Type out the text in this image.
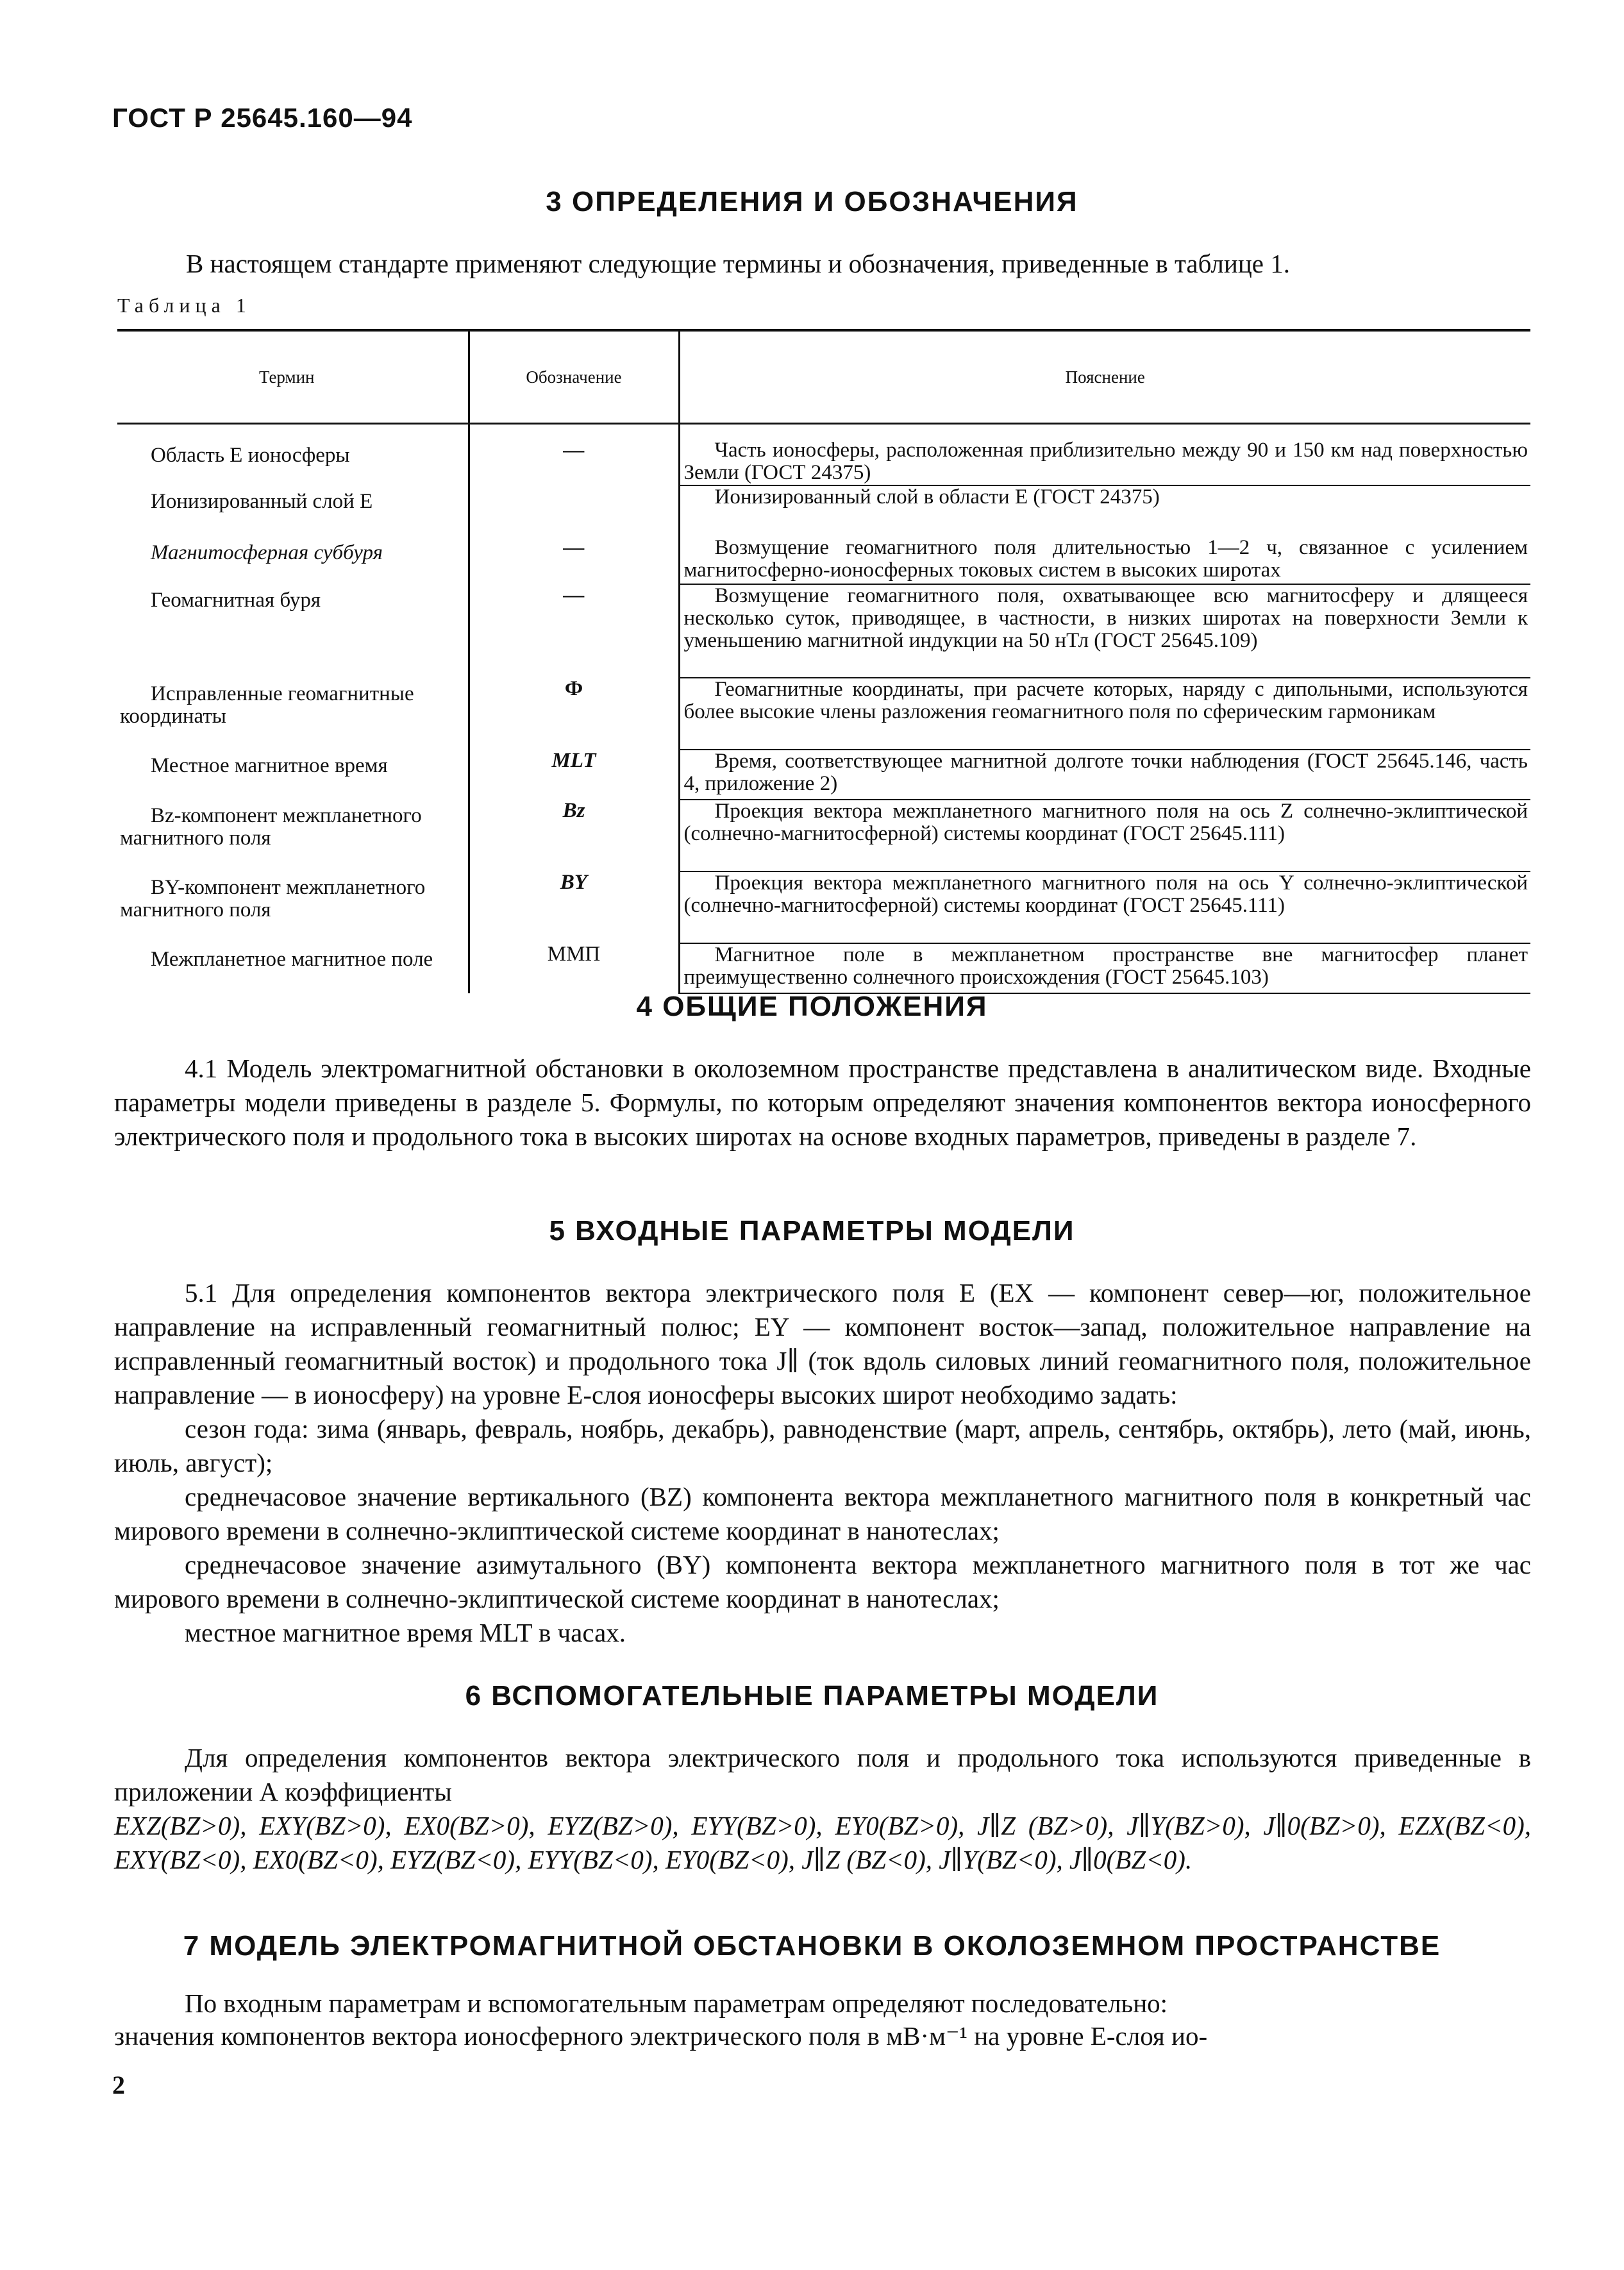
ГОСТ Р 25645.160—94
3 ОПРЕДЕЛЕНИЯ И ОБОЗНАЧЕНИЯ
В настоящем стандарте применяют следующие термины и обозначения, приведенные в таблице 1.
Таблица 1
Термин	Обозначение	Пояснение

Область E ионосферы	—	Часть ионосферы, расположенная приблизительно между 90 и 150 км над поверхностью Земли (ГОСТ 24375)
Ионизированный слой E		Ионизированный слой в области E (ГОСТ 24375)
Магнитосферная суббуря	—	Возмущение геомагнитного поля длительностью 1—2 ч, связанное с усилением магнитосферно-ионосферных токовых систем в высоких широтах
Геомагнитная буря	—	Возмущение геомагнитного поля, охватывающее всю магнитосферу и длящееся несколько суток, приводящее, в частности, в низких широтах на поверхности Земли к уменьшению магнитной индукции на 50 нТл (ГОСТ 25645.109)
Исправленные геомагнитные координаты	Ф	Геомагнитные координаты, при расчете которых, наряду с дипольными, используются более высокие члены разложения геомагнитного поля по сферическим гармоникам
Местное магнитное время	MLT	Время, соответствующее магнитной долготе точки наблюдения (ГОСТ 25645.146, часть 4, приложение 2)
Bz-компонент межпланетного магнитного поля	Bz	Проекция вектора межпланетного магнитного поля на ось Z солнечно-эклиптической (солнечно-магнитосферной) системы координат (ГОСТ 25645.111)
BY-компонент межпланетного магнитного поля	BY	Проекция вектора межпланетного магнитного поля на ось Y солнечно-эклиптической (солнечно-магнитосферной) системы координат (ГОСТ 25645.111)
Межпланетное магнитное поле	ММП	Магнитное поле в межпланетном пространстве вне магнитосфер планет преимущественно солнечного происхождения (ГОСТ 25645.103)
4 ОБЩИЕ ПОЛОЖЕНИЯ
4.1 Модель электромагнитной обстановки в околоземном пространстве представлена в аналитическом виде. Входные параметры модели приведены в разделе 5. Формулы, по которым определяют значения компонентов вектора ионосферного электрического поля и продольного тока в высоких широтах на основе входных параметров, приведены в разделе 7.
5 ВХОДНЫЕ ПАРАМЕТРЫ МОДЕЛИ
5.1 Для определения компонентов вектора электрического поля E (EX — компонент север—юг, положительное направление на исправленный геомагнитный полюс; EY — компонент восток—запад, положительное направление на исправленный геомагнитный восток) и продольного тока J∥ (ток вдоль силовых линий геомагнитного поля, положительное направление — в ионосферу) на уровне E-слоя ионосферы высоких широт необходимо задать:
сезон года: зима (январь, февраль, ноябрь, декабрь), равноденствие (март, апрель, сентябрь, октябрь), лето (май, июнь, июль, август);
среднечасовое значение вертикального (BZ) компонента вектора межпланетного магнитного поля в конкретный час мирового времени в солнечно-эклиптической системе координат в нанотеслах;
среднечасовое значение азимутального (BY) компонента вектора межпланетного магнитного поля в тот же час мирового времени в солнечно-эклиптической системе координат в нанотеслах;
местное магнитное время MLT в часах.
6 ВСПОМОГАТЕЛЬНЫЕ ПАРАМЕТРЫ МОДЕЛИ
Для определения компонентов вектора электрического поля и продольного тока используются приведенные в приложении А коэффициенты
EXZ(BZ>0), EXY(BZ>0), EX0(BZ>0), EYZ(BZ>0), EYY(BZ>0), EY0(BZ>0), J∥Z (BZ>0), J∥Y(BZ>0), J∥0(BZ>0), EZX(BZ<0), EXY(BZ<0), EX0(BZ<0), EYZ(BZ<0), EYY(BZ<0), EY0(BZ<0), J∥Z (BZ<0), J∥Y(BZ<0), J∥0(BZ<0).
7 МОДЕЛЬ ЭЛЕКТРОМАГНИТНОЙ ОБСТАНОВКИ В ОКОЛОЗЕМНОМ ПРОСТРАНСТВЕ
По входным параметрам и вспомогательным параметрам определяют последовательно:
значения компонентов вектора ионосферного электрического поля в мВ·м⁻¹ на уровне E-слоя ио-
2
